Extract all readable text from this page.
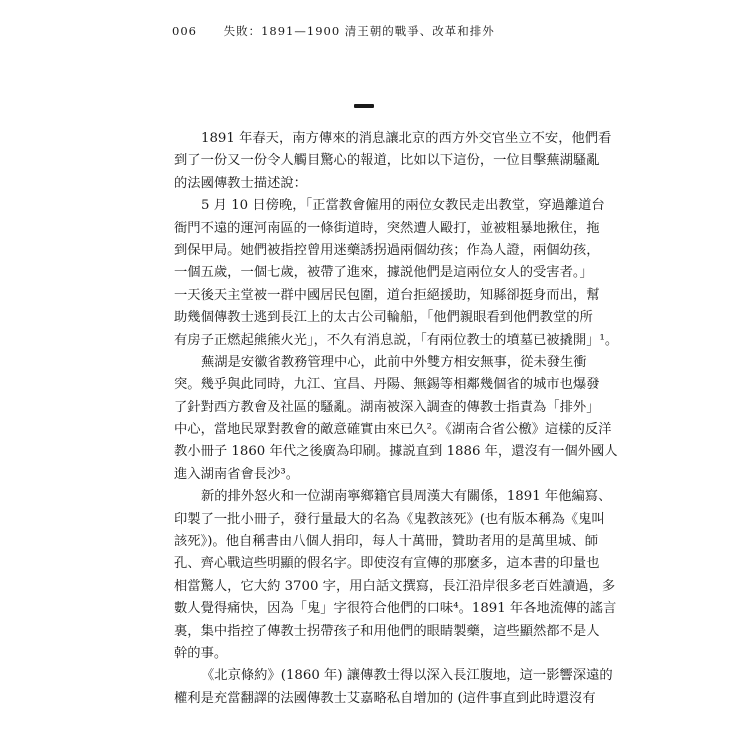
006 失敗：1891—1900 清王朝的戰爭、改革和排外
1891 年春天，南方傳來的消息讓北京的西方外交官坐立不安，他們看
到了一份又一份令人觸目驚心的報道，比如以下這份，一位目擊蕪湖騷亂
的法國傳教士描述說：
5 月 10 日傍晚，「正當教會僱用的兩位女教民走出教堂，穿過離道台
衙門不遠的運河南區的一條街道時，突然遭人毆打，並被粗暴地揪住，拖
到保甲局。她們被指控曾用迷藥誘拐過兩個幼孩；作為人證，兩個幼孩，
一個五歲，一個七歲，被帶了進來，據説他們是這兩位女人的受害者。」
一天後天主堂被一群中國居民包圍，道台拒絕援助，知縣卻挺身而出，幫
助幾個傳教士逃到長江上的太古公司輪船，「他們親眼看到他們教堂的所
有房子正燃起熊熊火光」，不久有消息説，「有兩位教士的墳墓已被撬開」¹。
蕪湖是安徽省教務管理中心，此前中外雙方相安無事，從未發生衝
突。幾乎與此同時，九江、宜昌、丹陽、無錫等相鄰幾個省的城市也爆發
了針對西方教會及社區的騷亂。湖南被深入調查的傳教士指責為「排外」
中心，當地民眾對教會的敵意確實由來已久²。《湖南合省公檄》這樣的反洋
教小冊子 1860 年代之後廣為印刷。據説直到 1886 年，還沒有一個外國人
進入湖南省會長沙³。
新的排外怒火和一位湖南寧鄉籍官員周漢大有關係，1891 年他編寫、
印製了一批小冊子，發行量最大的名為《鬼教該死》(也有版本稱為《鬼叫
該死》)。他自稱書由八個人捐印，每人十萬冊，贊助者用的是萬里城、師
孔、齊心戰這些明顯的假名字。即使沒有宣傳的那麼多，這本書的印量也
相當驚人，它大約 3700 字，用白話文撰寫，長江沿岸很多老百姓讀過，多
數人覺得痛快，因為「鬼」字很符合他們的口味⁴。1891 年各地流傳的謠言
裏，集中指控了傳教士拐帶孩子和用他們的眼睛製藥，這些顯然都不是人
幹的事。
《北京條約》(1860 年) 讓傳教士得以深入長江腹地，這一影響深遠的
權利是充當翻譯的法國傳教士艾嘉略私自增加的 (這件事直到此時還沒有
